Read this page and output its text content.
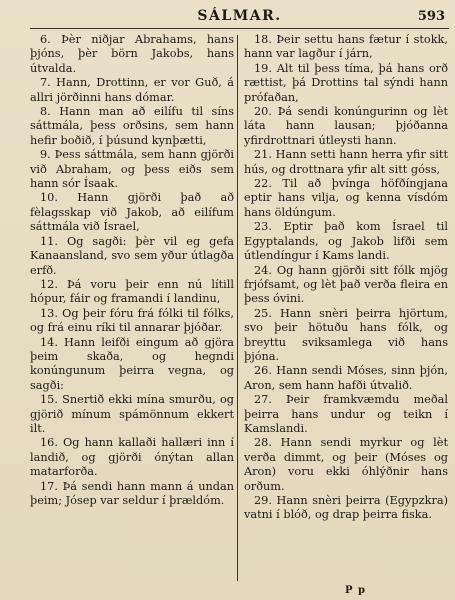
SÁLMAR.	593

6. Þèr niðjar Abrahams, hans þjóns, þèr börn Jakobs, hans útvalda.

7. Hann, Drottinn, er vor Guð, á allri jörðinni hans dómar.

8. Hann man að eilífu til síns sáttmála, þess orðsins, sem hann hefir boðið, í þúsund kynþætti,

9. Þess sáttmála, sem hann gjörði við Abraham, og þess eiðs sem hann sór Ísaak.

10. Hann gjörði það að fèlagsskap við Jakob, að eilífum sáttmála við Ísrael,

11. Og sagði: þèr vil eg gefa Kanaansland, svo sem yður útlagða erfð.

12. Þá voru þeir enn nú lítill hópur, fáir og framandi í landinu,

13. Og þeir fóru frá fólki til fólks, og frá einu ríki til annarar þjóðar.

14. Hann leifði eingum að gjöra þeim skaða, og hegndi konúngunum þeirra vegna, og sagði:

15. Snertið ekki mína smurðu, og gjörið mínum spámönnum ekkert ilt.

16. Og hann kallaði hallæri inn í landið, og gjörði ónýtan allan matarforða.

17. Þá sendi hann mann á undan þeim; Jósep var seldur í þrældóm.

18. Þeir settu hans fætur í stokk, hann var lagður í járn,

19. Alt til þess tíma, þá hans orð rættist, þá Drottins tal sýndi hann prófaðan,

20. Þá sendi konúngurinn og lèt láta hann lausan; þjóðanna yfirdrottnari útleysti hann.

21. Hann setti hann herra yfir sitt hús, og drottnara yfir alt sitt góss,

22. Til að þvínga höfðíngjana eptir hans vilja, og kenna vísdóm hans öldúngum.

23. Eptir það kom Ísrael til Egyptalands, og Jakob lifði sem útlendíngur í Kams landi.

24. Og hann gjörði sitt fólk mjög frjófsamt, og lèt það verða fleira en þess óvini.

25. Hann snèri þeirra hjörtum, svo þeir hötuðu hans fólk, og breyttu sviksamlega við hans þjóna.

26. Hann sendi Móses, sinn þjón, Aron, sem hann hafði útvalið.

27. Þeir framkvæmdu meðal þeirra hans undur og teikn í Kamslandi.

28. Hann sendi myrkur og lèt verða dimmt, og þeir (Móses og Aron) voru ekki óhlýðnir hans orðum.

29. Hann snèri þeirra (Egypzkra) vatni í blóð, og drap þeirra fiska.

P p
